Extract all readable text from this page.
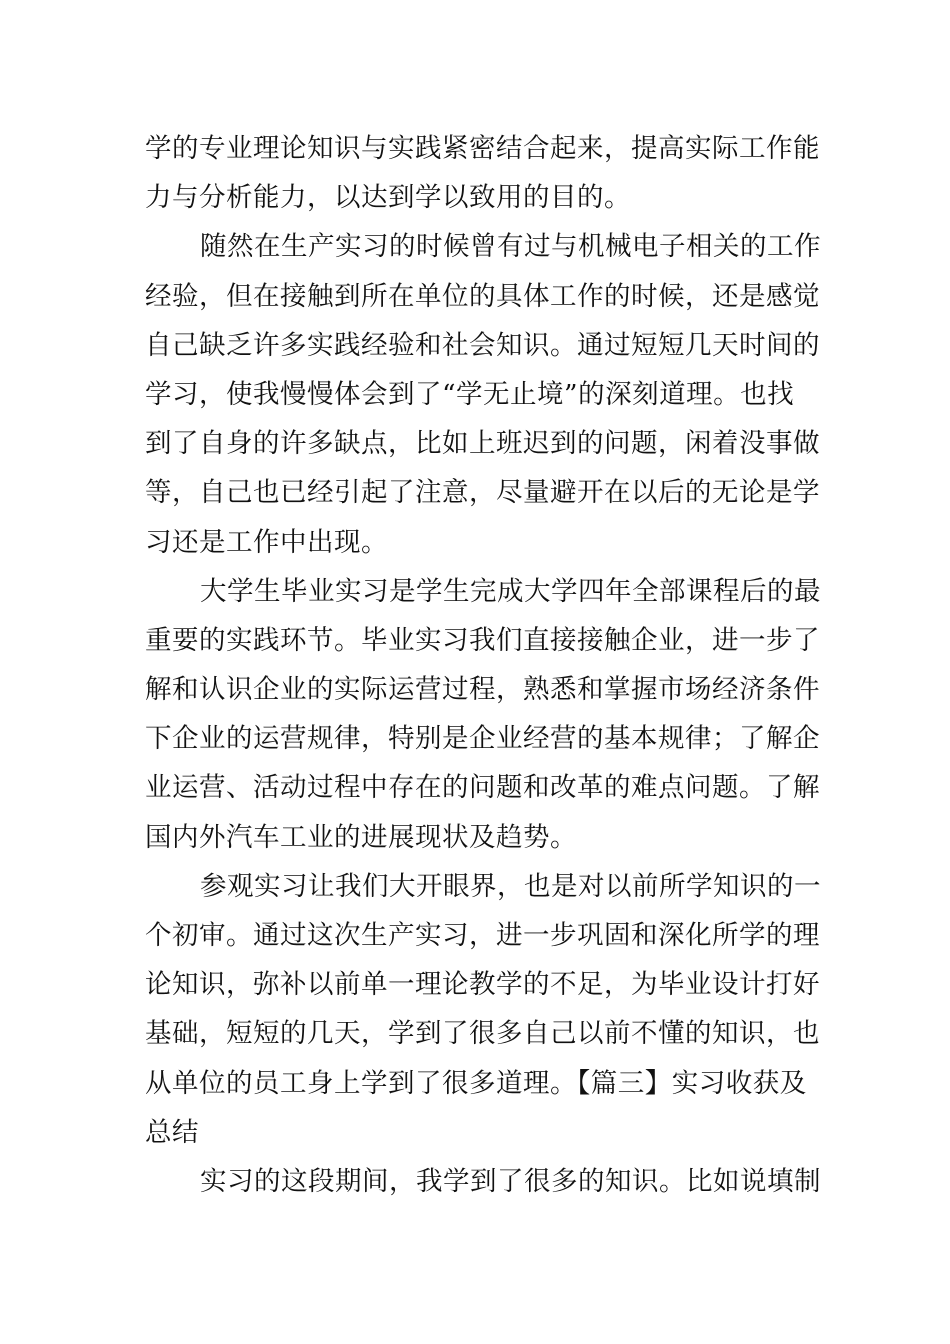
学的专业理论知识与实践紧密结合起来，提高实际工作能
力与分析能力，以达到学以致用的目的。
随然在生产实习的时候曾有过与机械电子相关的工作
经验，但在接触到所在单位的具体工作的时候，还是感觉
自己缺乏许多实践经验和社会知识。通过短短几天时间的
学习，使我慢慢体会到了“学无止境”的深刻道理。也找
到了自身的许多缺点，比如上班迟到的问题，闲着没事做
等，自己也已经引起了注意，尽量避开在以后的无论是学
习还是工作中出现。
大学生毕业实习是学生完成大学四年全部课程后的最
重要的实践环节。毕业实习我们直接接触企业，进一步了
解和认识企业的实际运营过程，熟悉和掌握市场经济条件
下企业的运营规律，特别是企业经营的基本规律；了解企
业运营、活动过程中存在的问题和改革的难点问题。了解
国内外汽车工业的进展现状及趋势。
参观实习让我们大开眼界，也是对以前所学知识的一
个初审。通过这次生产实习，进一步巩固和深化所学的理
论知识，弥补以前单一理论教学的不足，为毕业设计打好
基础，短短的几天，学到了很多自己以前不懂的知识，也
从单位的员工身上学到了很多道理。【篇三】实习收获及
总结
实习的这段期间，我学到了很多的知识。比如说填制
